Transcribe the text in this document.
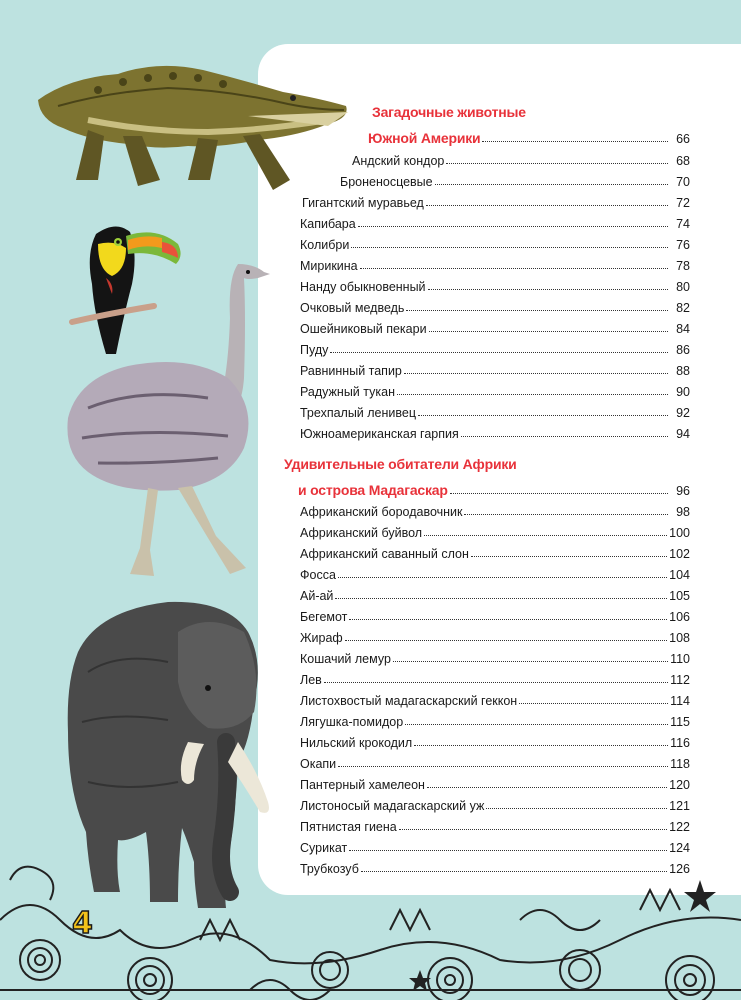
4
Загадочные животные
Южной Америки	66
Андский кондор	68
Броненосцевые	70
Гигантский муравьед	72
Капибара	74
Колибри	76
Мирикина	78
Нанду обыкновенный	80
Очковый медведь	82
Ошейниковый пекари	84
Пуду	86
Равнинный тапир	88
Радужный тукан	90
Трехпалый ленивец	92
Южноамериканская гарпия	94
Удивительные обитатели Африки
и острова Мадагаскар	96
Африканский бородавочник	98
Африканский буйвол	100
Африканский саванный слон	102
Фосса	104
Ай-ай	105
Бегемот	106
Жираф	108
Кошачий лемур	110
Лев	112
Листохвостый мадагаскарский геккон	114
Лягушка-помидор	115
Нильский крокодил	116
Окапи	118
Пантерный хамелеон	120
Листоносый мадагаскарский уж	121
Пятнистая гиена	122
Сурикат	124
Трубкозуб	126
